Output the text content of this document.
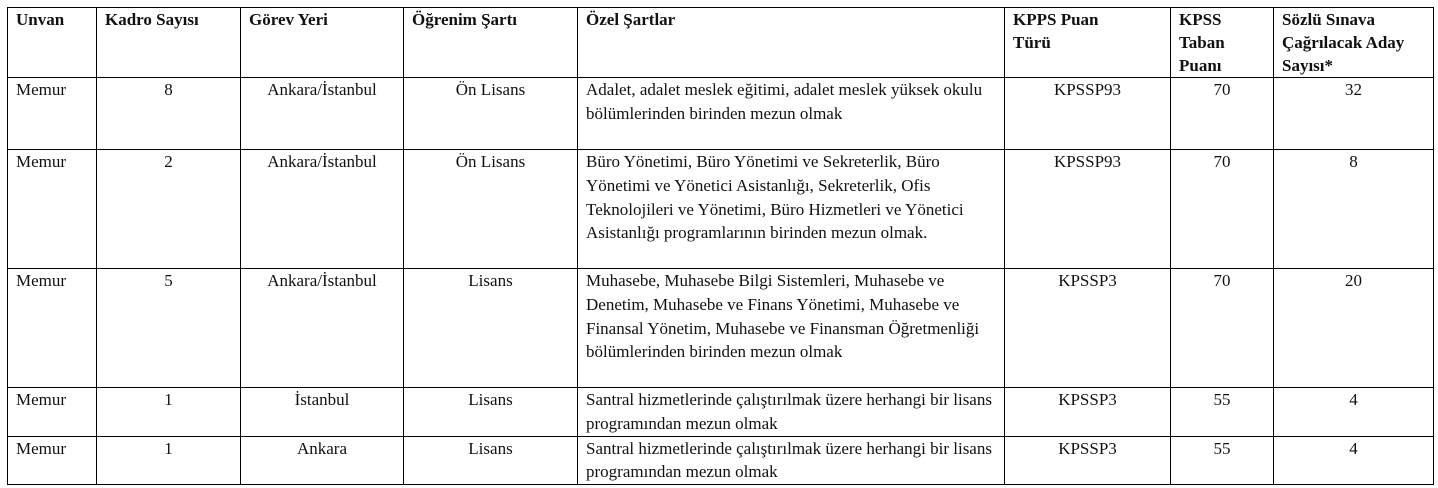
Unvan	Kadro Sayısı	Görev Yeri	Öğrenim Şartı	Özel Şartlar	KPPS Puan Türü	KPSS Taban Puanı	Sözlü Sınava Çağrılacak Aday Sayısı*
Memur	8	Ankara/İstanbul	Ön Lisans	Adalet, adalet meslek eğitimi, adalet meslek yüksek okulu bölümlerinden birinden mezun olmak	KPSSP93	70	32
Memur	2	Ankara/İstanbul	Ön Lisans	Büro Yönetimi, Büro Yönetimi ve Sekreterlik, Büro Yönetimi ve Yönetici Asistanlığı, Sekreterlik, Ofis Teknolojileri ve Yönetimi, Büro Hizmetleri ve Yönetici Asistanlığı programlarının birinden mezun olmak.	KPSSP93	70	8
Memur	5	Ankara/İstanbul	Lisans	Muhasebe, Muhasebe Bilgi Sistemleri, Muhasebe ve Denetim, Muhasebe ve Finans Yönetimi, Muhasebe ve Finansal Yönetim, Muhasebe ve Finansman Öğretmenliği bölümlerinden birinden mezun olmak	KPSSP3	70	20
Memur	1	İstanbul	Lisans	Santral hizmetlerinde çalıştırılmak üzere herhangi bir lisans programından mezun olmak	KPSSP3	55	4
Memur	1	Ankara	Lisans	Santral hizmetlerinde çalıştırılmak üzere herhangi bir lisans programından mezun olmak	KPSSP3	55	4
